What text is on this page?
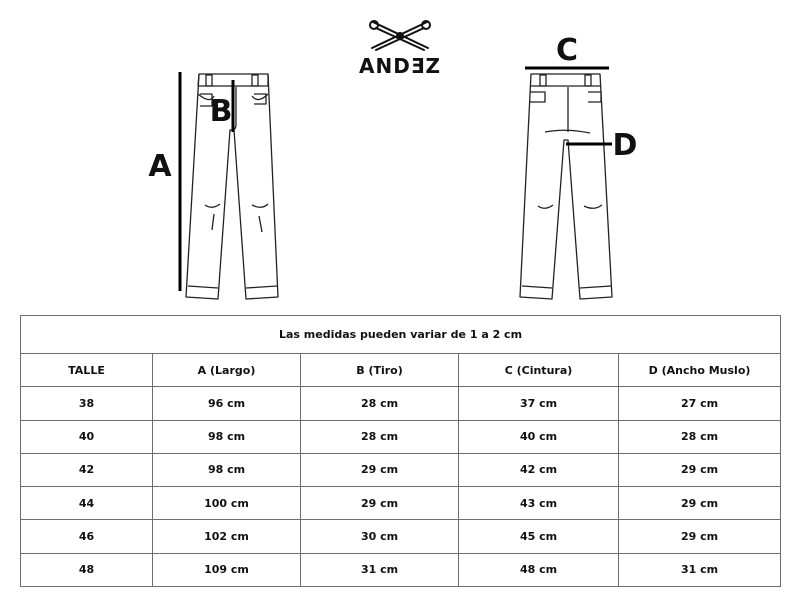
ANDƎZ
A
B
C
D
Las medidas pueden variar de 1 a 2 cm				
TALLE	A (Largo)	B (Tiro)	C (Cintura)	D (Ancho Muslo)
38	96 cm	28 cm	37 cm	27 cm
40	98 cm	28 cm	40 cm	28 cm
42	98 cm	29 cm	42 cm	29 cm
44	100 cm	29 cm	43 cm	29 cm
46	102 cm	30 cm	45 cm	29 cm
48	109 cm	31 cm	48 cm	31 cm
